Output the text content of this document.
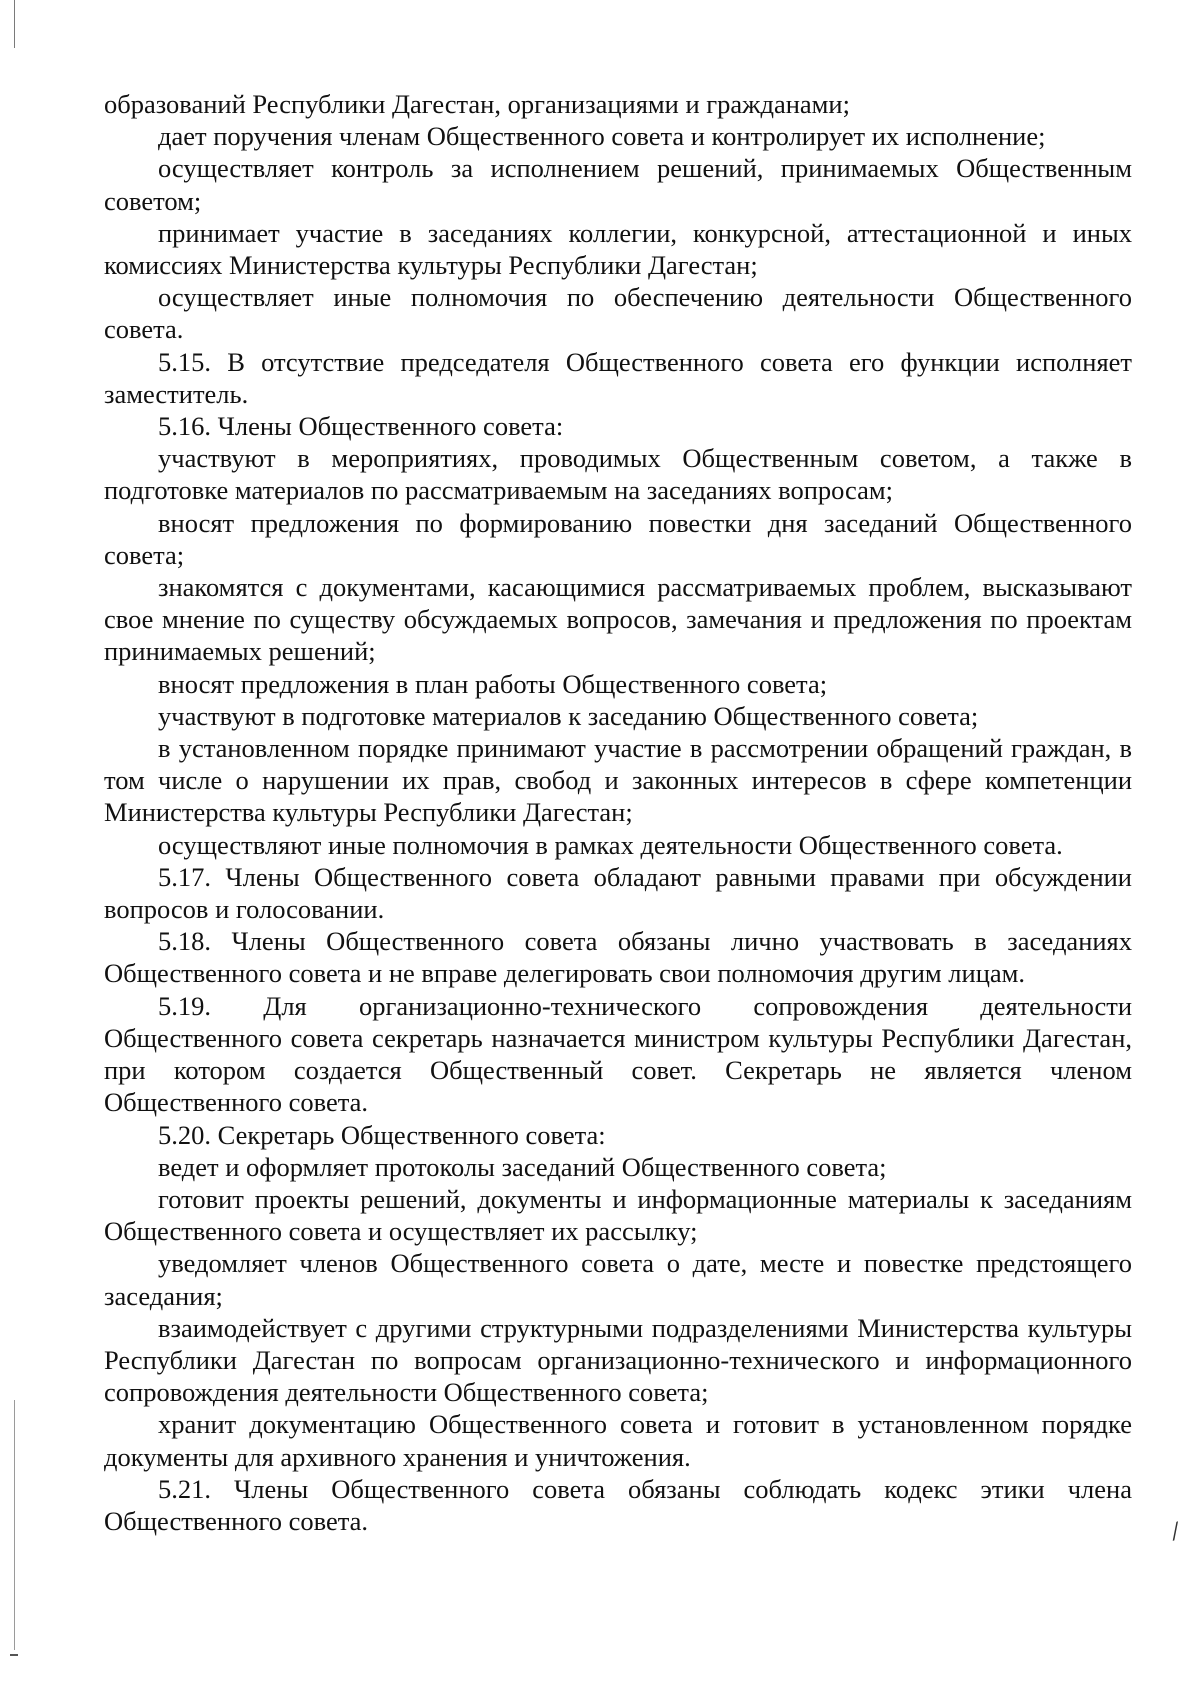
⁄

образований Республики Дагестан, организациями и гражданами;

дает поручения членам Общественного совета и контролирует их исполнение;

осуществляет контроль за исполнением решений, принимаемых Общественным советом;

принимает участие в заседаниях коллегии, конкурсной, аттестационной и иных комиссиях Министерства культуры Республики Дагестан;

осуществляет иные полномочия по обеспечению деятельности Общественного совета.

5.15. В отсутствие председателя Общественного совета его функции исполняет заместитель.

5.16. Члены Общественного совета:

участвуют в мероприятиях, проводимых Общественным советом, а также в подготовке материалов по рассматриваемым на заседаниях вопросам;

вносят предложения по формированию повестки дня заседаний Общественного совета;

знакомятся с документами, касающимися рассматриваемых проблем, высказывают свое мнение по существу обсуждаемых вопросов, замечания и предложения по проектам принимаемых решений;

вносят предложения в план работы Общественного совета;

участвуют в подготовке материалов к заседанию Общественного совета;

в установленном порядке принимают участие в рассмотрении обращений граждан, в том числе о нарушении их прав, свобод и законных интересов в сфере компетенции Министерства культуры Республики Дагестан;

осуществляют иные полномочия в рамках деятельности Общественного совета.

5.17. Члены Общественного совета обладают равными правами при обсуждении вопросов и голосовании.

5.18. Члены Общественного совета обязаны лично участвовать в заседаниях Общественного совета и не вправе делегировать свои полномочия другим лицам.

5.19. Для организационно-технического сопровождения деятельности Общественного совета секретарь назначается министром культуры Республики Дагестан, при котором создается Общественный совет. Секретарь не является членом Общественного совета.

5.20. Секретарь Общественного совета:

ведет и оформляет протоколы заседаний Общественного совета;

готовит проекты решений, документы и информационные материалы к заседаниям Общественного совета и осуществляет их рассылку;

уведомляет членов Общественного совета о дате, месте и повестке предстоящего заседания;

взаимодействует с другими структурными подразделениями Министерства культуры Республики Дагестан по вопросам организационно-технического и информационного сопровождения деятельности Общественного совета;

хранит документацию Общественного совета и готовит в установленном порядке документы для архивного хранения и уничтожения.

5.21. Члены Общественного совета обязаны соблюдать кодекс этики члена Общественного совета.
